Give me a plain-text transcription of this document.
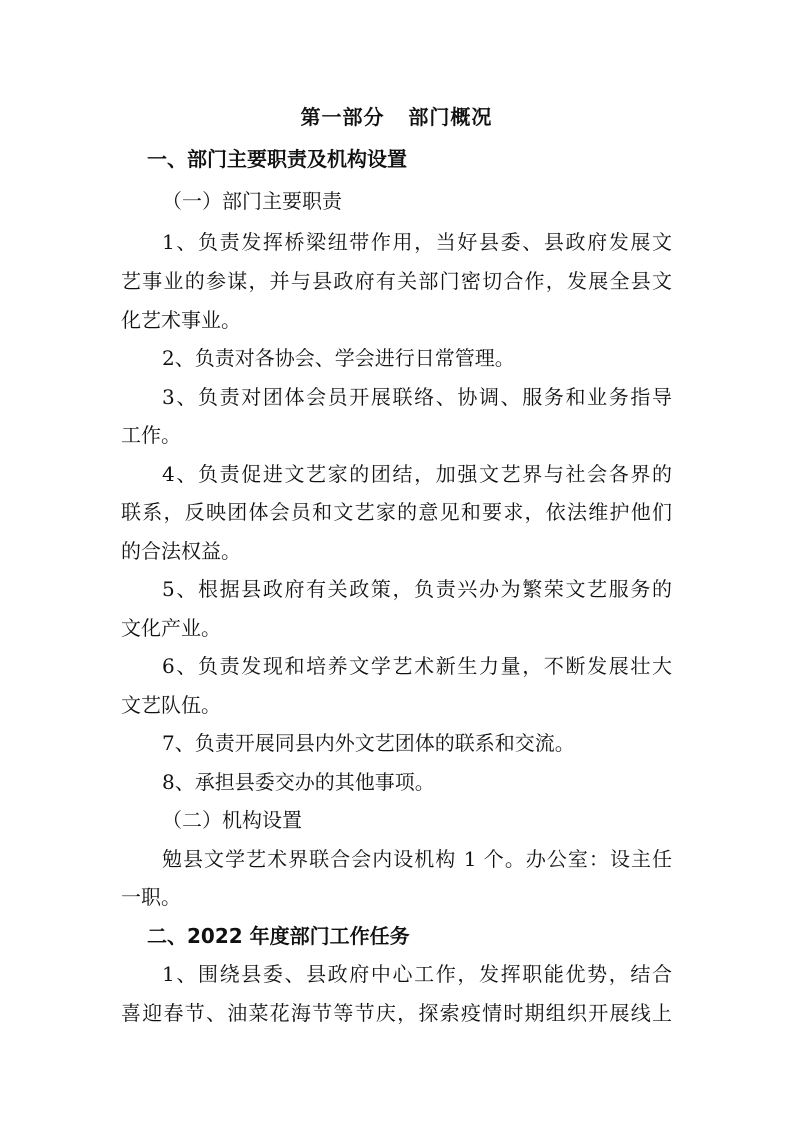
第一部分   部门概况
一、部门主要职责及机构设置
（一）部门主要职责
1、负责发挥桥梁纽带作用，当好县委、县政府发展文
艺事业的参谋，并与县政府有关部门密切合作，发展全县文
化艺术事业。
2、负责对各协会、学会进行日常管理。
3、负责对团体会员开展联络、协调、服务和业务指导
工作。
4、负责促进文艺家的团结，加强文艺界与社会各界的
联系，反映团体会员和文艺家的意见和要求，依法维护他们
的合法权益。
5、根据县政府有关政策，负责兴办为繁荣文艺服务的
文化产业。
6、负责发现和培养文学艺术新生力量，不断发展壮大
文艺队伍。
7、负责开展同县内外文艺团体的联系和交流。
8、承担县委交办的其他事项。
（二）机构设置
勉县文学艺术界联合会内设机构 1 个。办公室：设主任
一职。
二、2022 年度部门工作任务
1、围绕县委、县政府中心工作，发挥职能优势，结合
喜迎春节、油菜花海节等节庆，探索疫情时期组织开展线上
